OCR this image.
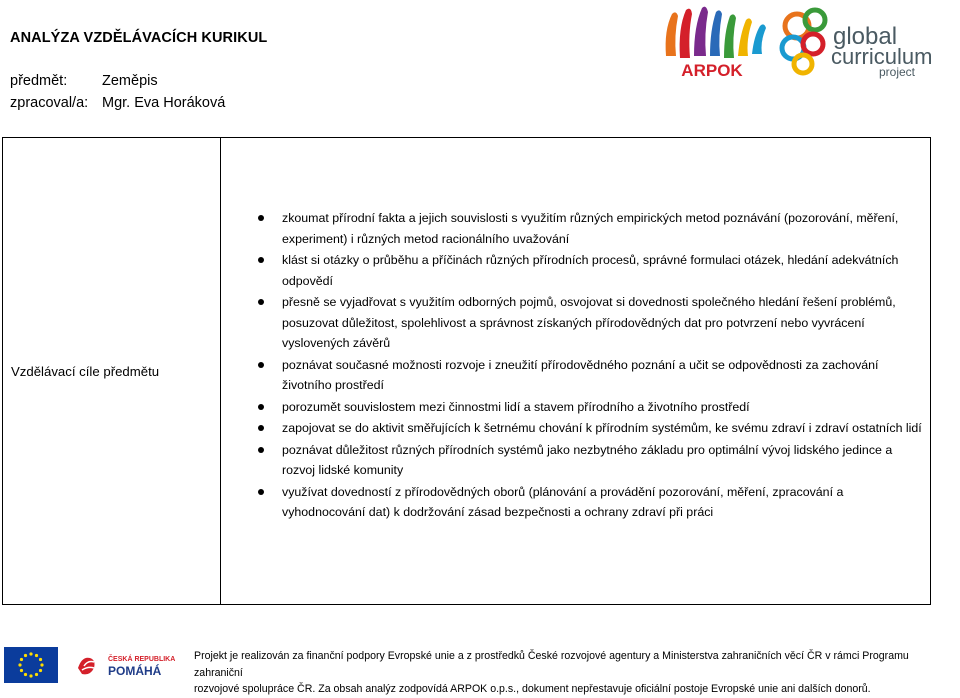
ANALÝZA VZDĚLÁVACÍCH KURIKUL
předmět: Zeměpis
zpracoval/a: Mgr. Eva Horáková
ARPOK
global
curriculum
project
Vzdělávací cíle předmětu
zkoumat přírodní fakta a jejich souvislosti s využitím různých empirických metod poznávání (pozorování, měření, experiment) i různých metod racionálního uvažování
klást si otázky o průběhu a příčinách různých přírodních procesů, správné formulaci otázek, hledání adekvátních odpovědí
přesně se vyjadřovat s využitím odborných pojmů, osvojovat si dovednosti společného hledání řešení problémů, posuzovat důležitost, spolehlivost a správnost získaných přírodovědných dat pro potvrzení nebo vyvrácení vyslovených závěrů
poznávat současné možnosti rozvoje i zneužití přírodovědného poznání a učit se odpovědnosti za zachování životního prostředí
porozumět souvislostem mezi činnostmi lidí a stavem přírodního a životního prostředí
zapojovat se do aktivit směřujících k šetrnému chování k přírodním systémům, ke svému zdraví i zdraví ostatních lidí
poznávat důležitost různých přírodních systémů jako nezbytného základu pro optimální vývoj lidského jedince a rozvoj lidské komunity
využívat dovedností z přírodovědných oborů (plánování a provádění pozorování, měření, zpracování a vyhodnocování dat) k dodržování zásad bezpečnosti a ochrany zdraví při práci
ČESKÁ REPUBLIKA
POMÁHÁ
Projekt je realizován za finanční podpory Evropské unie a z prostředků České rozvojové agentury a Ministerstva zahraničních věcí ČR v rámci Programu zahraniční
rozvojové spolupráce ČR. Za obsah analýz zodpovídá ARPOK o.p.s., dokument nepřestavuje oficiální postoje Evropské unie ani dalších donorů.
